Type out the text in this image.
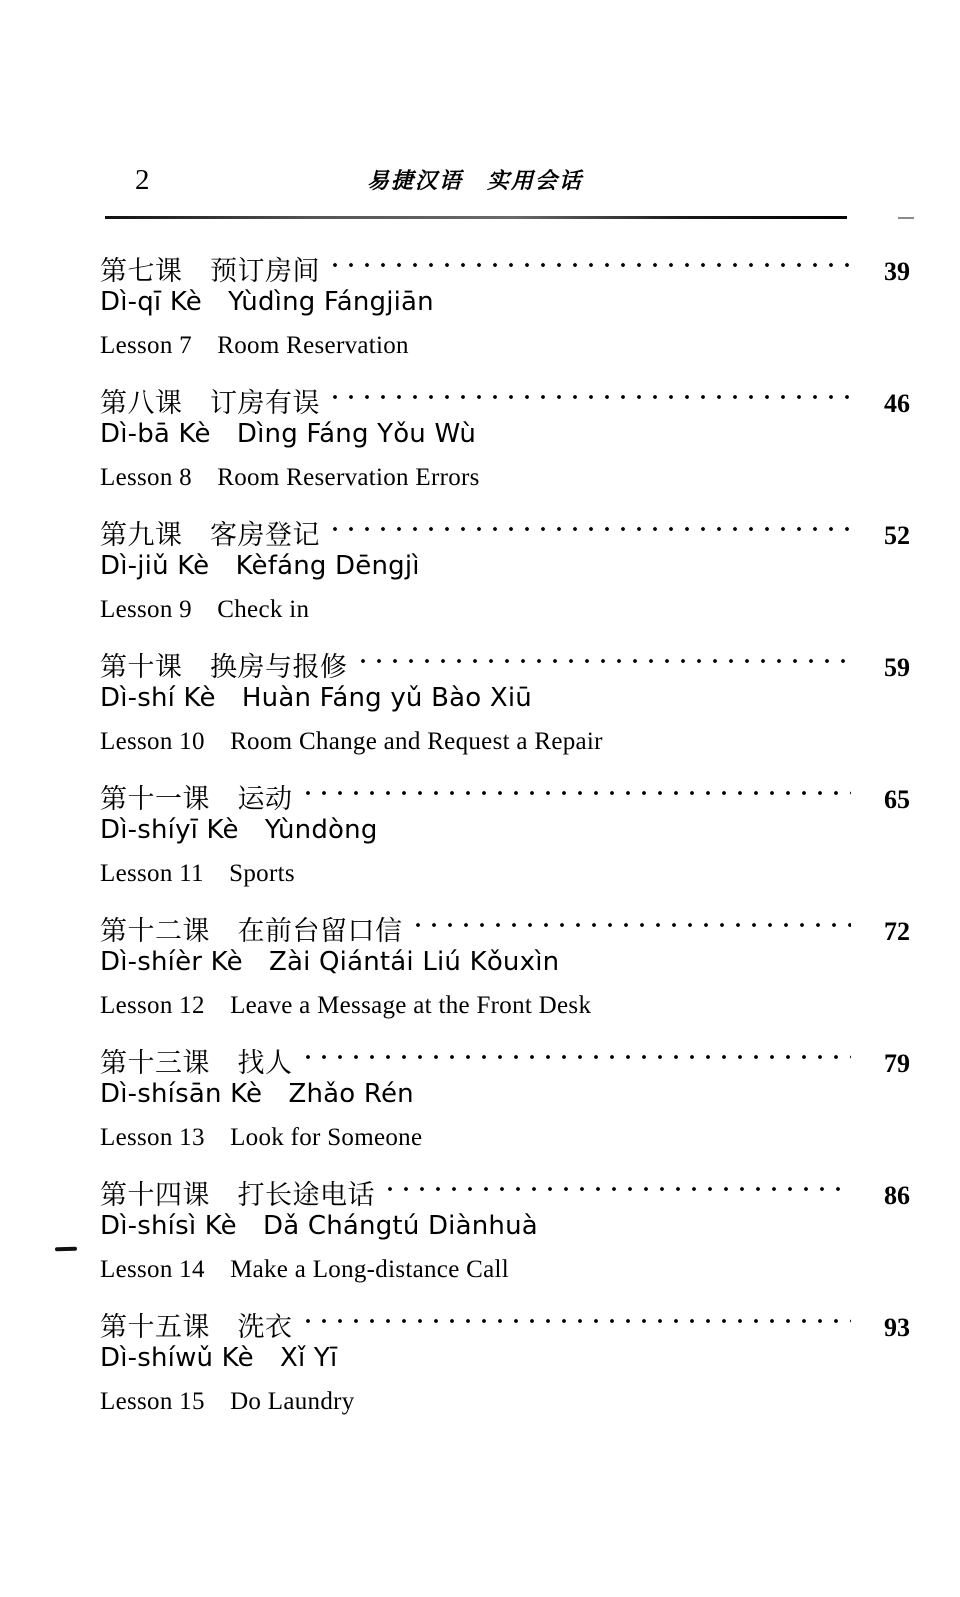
2	易捷汉语　实用会话
第七课　预订房间	39
Dì-qī Kè　Yùdìng Fángjiān
Lesson 7　Room Reservation
第八课　订房有误	46
Dì-bā Kè　Dìng Fáng Yǒu Wù
Lesson 8　Room Reservation Errors
第九课　客房登记	52
Dì-jiǔ Kè　Kèfáng Dēngjì
Lesson 9　Check in
第十课　换房与报修	59
Dì-shí Kè　Huàn Fáng yǔ Bào Xiū
Lesson 10　Room Change and Request a Repair
第十一课　运动	65
Dì-shíyī Kè　Yùndòng
Lesson 11　Sports
第十二课　在前台留口信	72
Dì-shíèr Kè　Zài Qiántái Liú Kǒuxìn
Lesson 12　Leave a Message at the Front Desk
第十三课　找人	79
Dì-shísān Kè　Zhǎo Rén
Lesson 13　Look for Someone
第十四课　打长途电话	86
Dì-shísì Kè　Dǎ Chángtú Diànhuà
Lesson 14　Make a Long-distance Call
第十五课　洗衣	93
Dì-shíwǔ Kè　Xǐ Yī
Lesson 15　Do Laundry
